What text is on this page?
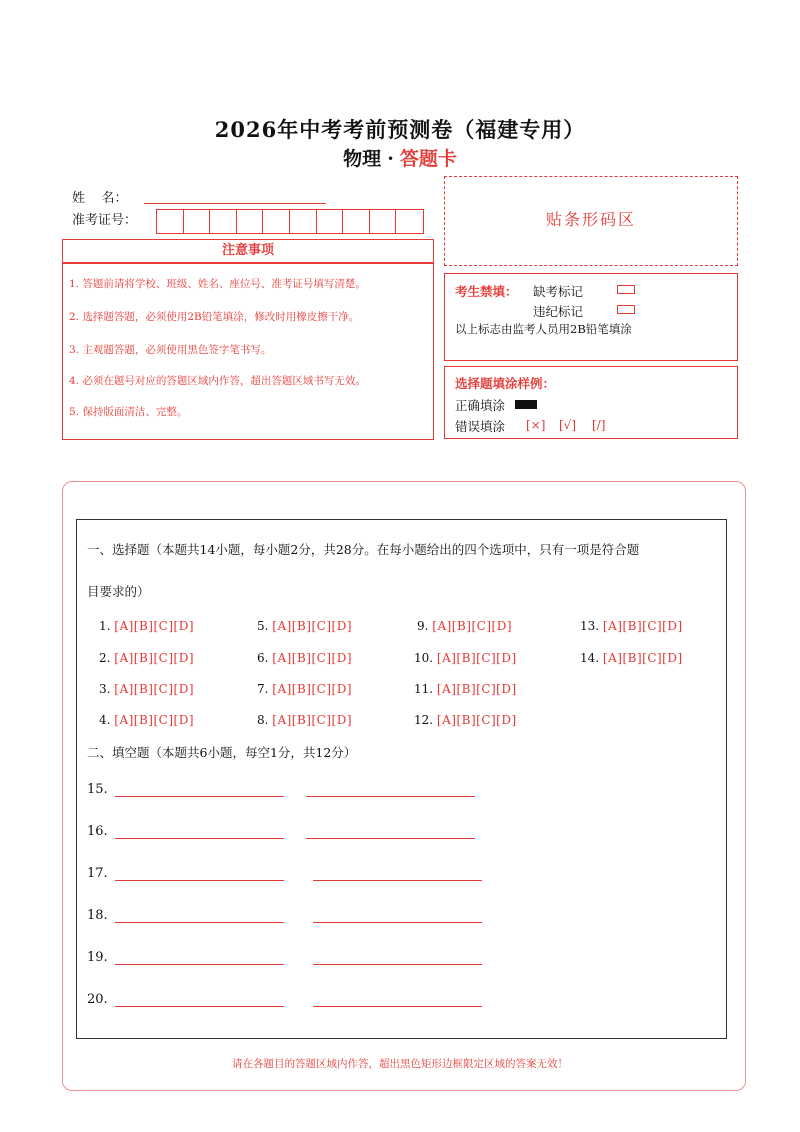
2026年中考考前预测卷（福建专用）
物理 · 答题卡
姓    名：
准考证号：
注意事项
1. 答题前请将学校、班级、姓名、座位号、准考证号填写清楚。
2. 选择题答题，必须使用2B铅笔填涂，修改时用橡皮擦干净。
3. 主观题答题，必须使用黑色签字笔书写。
4. 必须在题号对应的答题区域内作答，超出答题区域书写无效。
5. 保持版面清洁、完整。
贴条形码区
考生禁填： 缺考标记
违纪标记
以上标志由监考人员用2B铅笔填涂
选择题填涂样例：
正确填涂
错误填涂 [×] [√] [/]
一、选择题（本题共14小题，每小题2分，共28分。在每小题给出的四个选项中，只有一项是符合题
目要求的）
1. [A][B][C][D]
2. [A][B][C][D]
3. [A][B][C][D]
4. [A][B][C][D]
5. [A][B][C][D]
6. [A][B][C][D]
7. [A][B][C][D]
8. [A][B][C][D]
9. [A][B][C][D]
10. [A][B][C][D]
11. [A][B][C][D]
12. [A][B][C][D]
13. [A][B][C][D]
14. [A][B][C][D]
二、填空题（本题共6小题，每空1分，共12分）
15.
16.
17.
18.
19.
20.
请在各题目的答题区域内作答，超出黑色矩形边框限定区域的答案无效！
